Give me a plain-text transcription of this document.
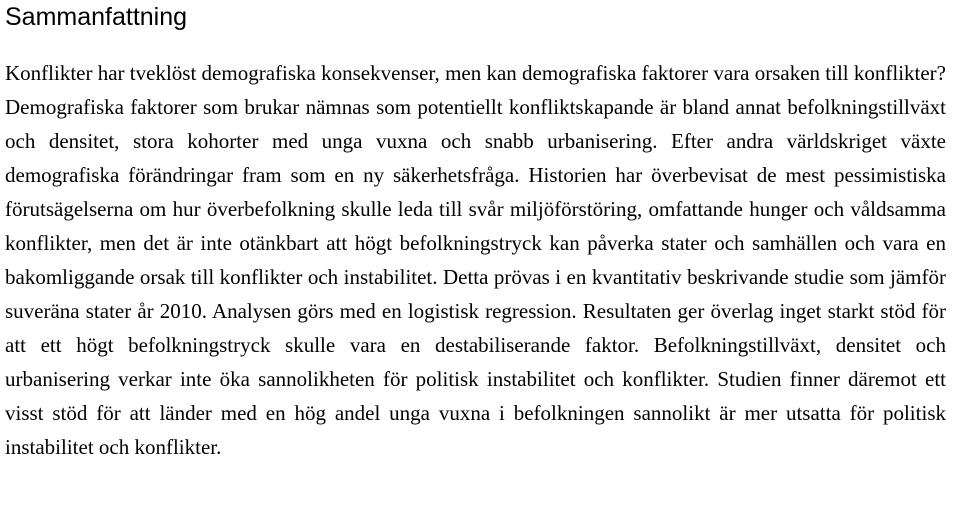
Sammanfattning

Konflikter har tveklöst demografiska konsekvenser, men kan demografiska faktorer vara orsaken till konflikter? Demografiska faktorer som brukar nämnas som potentiellt konfliktskapande är bland annat befolkningstillväxt och densitet, stora kohorter med unga vuxna och snabb urbanisering. Efter andra världskriget växte demografiska förändringar fram som en ny säkerhetsfråga. Historien har överbevisat de mest pessimistiska förutsägelserna om hur överbefolkning skulle leda till svår miljöförstöring, omfattande hunger och våldsamma konflikter, men det är inte otänkbart att högt befolkningstryck kan påverka stater och samhällen och vara en bakomliggande orsak till konflikter och instabilitet. Detta prövas i en kvantitativ beskrivande studie som jämför suveräna stater år 2010. Analysen görs med en logistisk regression. Resultaten ger överlag inget starkt stöd för att ett högt befolkningstryck skulle vara en destabiliserande faktor. Befolkningstillväxt, densitet och urbanisering verkar inte öka sannolikheten för politisk instabilitet och konflikter. Studien finner däremot ett visst stöd för att länder med en hög andel unga vuxna i befolkningen sannolikt är mer utsatta för politisk instabilitet och konflikter.
